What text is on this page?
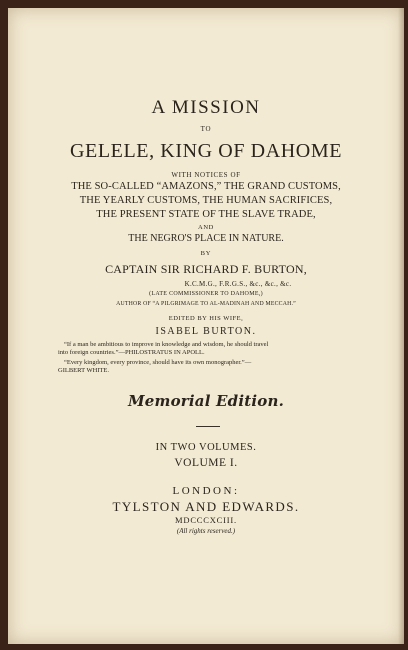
A MISSION
TO
GELELE, KING OF DAHOME
WITH NOTICES OF
THE SO-CALLED “AMAZONS,” THE GRAND CUSTOMS,
THE YEARLY CUSTOMS, THE HUMAN SACRIFICES,
THE PRESENT STATE OF THE SLAVE TRADE,
AND
THE NEGRO'S PLACE IN NATURE.
BY
CAPTAIN SIR RICHARD F. BURTON,
K.C.M.G., F.R.G.S., &c., &c., &c.
(LATE COMMISSIONER TO DAHOME,)
AUTHOR OF “A PILGRIMAGE TO AL-MADINAH AND MECCAH.”
EDITED BY HIS WIFE,
ISABEL BURTON.
“If a man be ambitious to improve in knowledge and wisdom, he should travel
into foreign countries.”—PHILOSTRATUS IN APOLL.
“Every kingdom, every province, should have its own monographer.”—
GILBERT WHITE.
Memorial Edition.
IN TWO VOLUMES.
VOLUME I.
LONDON:
TYLSTON AND EDWARDS.
MDCCCXCIII.
(All rights reserved.)
